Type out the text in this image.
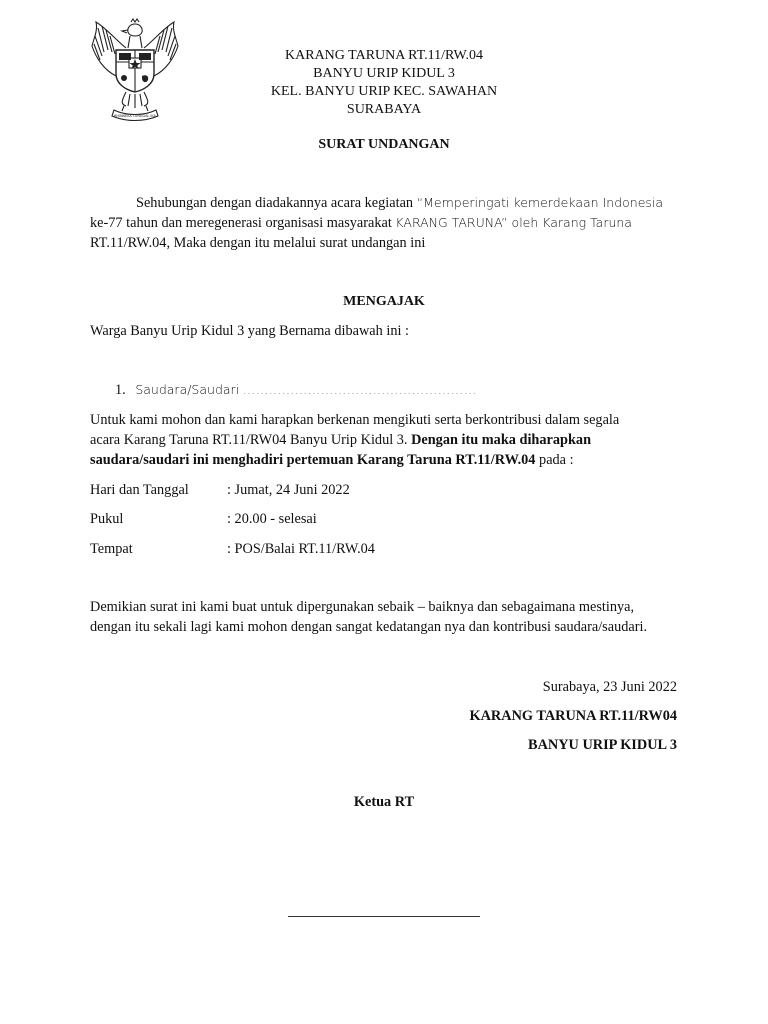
BHINNEKA TUNGGAL IKA
KARANG TARUNA RT.11/RW.04
BANYU URIP KIDUL 3
KEL. BANYU URIP KEC. SAWAHAN
SURABAYA
SURAT UNDANGAN
Sehubungan dengan diadakannya acara kegiatan “Memperingati kemerdekaan Indonesia
ke-77 tahun dan meregenerasi organisasi masyarakat KARANG TARUNA” oleh Karang Taruna
RT.11/RW.04, Maka dengan itu melalui surat undangan ini
MENGAJAK
Warga Banyu Urip Kidul 3 yang Bernama dibawah ini :
1. Saudara/Saudari ………………………………………………
Untuk kami mohon dan kami harapkan berkenan mengikuti serta berkontribusi dalam segala
acara Karang Taruna RT.11/RW04 Banyu Urip Kidul 3. Dengan itu maka diharapkan
saudara/saudari ini menghadiri pertemuan Karang Taruna RT.11/RW.04 pada :
Hari dan Tanggal	: Jumat, 24 Juni 2022
Pukul	: 20.00 - selesai
Tempat	: POS/Balai RT.11/RW.04
Demikian surat ini kami buat untuk dipergunakan sebaik – baiknya dan sebagaimana mestinya,
dengan itu sekali lagi kami mohon dengan sangat kedatangan nya dan kontribusi saudara/saudari.
Surabaya, 23 Juni 2022
KARANG TARUNA RT.11/RW04
BANYU URIP KIDUL 3
Ketua RT
